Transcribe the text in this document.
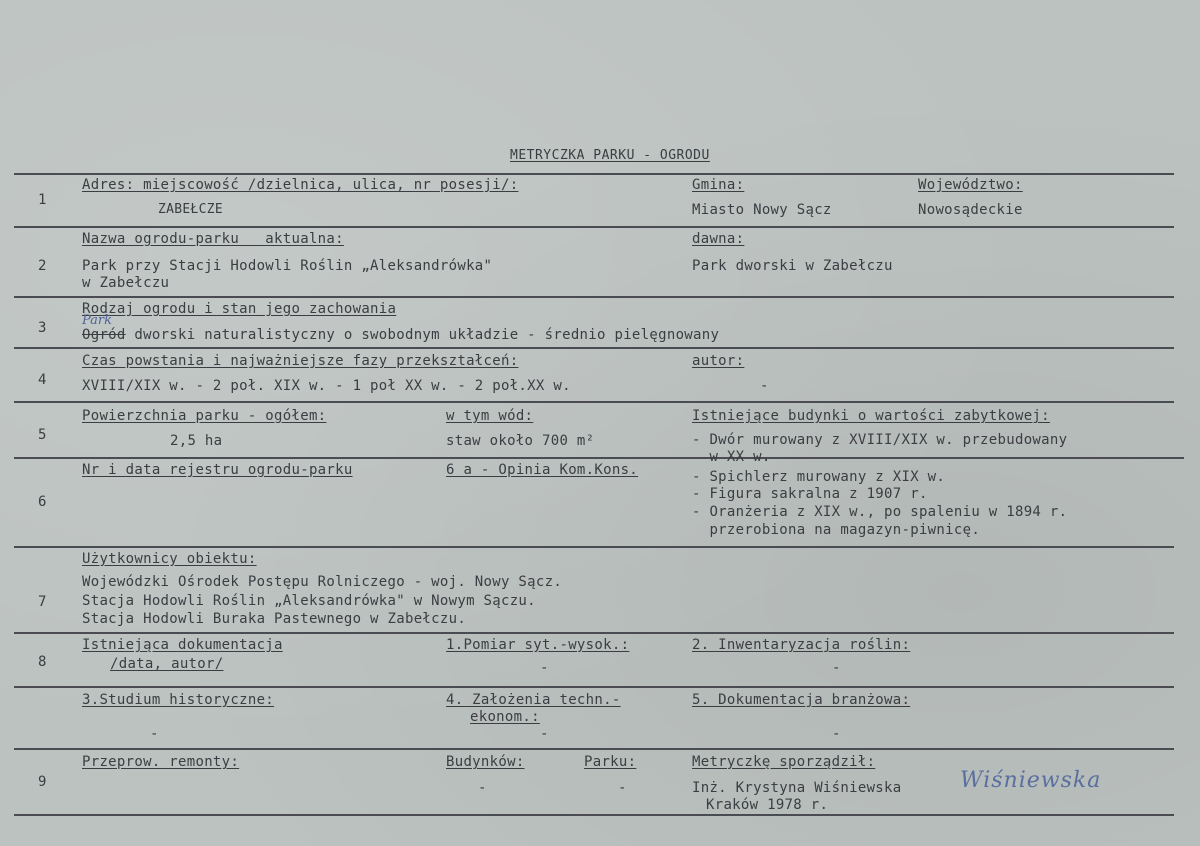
METRYCZKA PARKU - OGRODU
1
Adres: miejscowość /dzielnica, ulica, nr posesji/:
ZABEŁCZE
Gmina:
Miasto Nowy Sącz
Województwo:
Nowosądeckie
2
Nazwa ogrodu-parku   aktualna:
Park przy Stacji Hodowli Roślin „Aleksandrówka"
w Zabełczu
dawna:
Park dworski w Zabełczu
3
Rodzaj ogrodu i stan jego zachowania
Park
Ogród dworski naturalistyczny o swobodnym układzie - średnio pielęgnowany
4
Czas powstania i najważniejsze fazy przekształceń:
XVIII/XIX w. - 2 poł. XIX w. - 1 poł XX w. - 2 poł.XX w.
autor:
-
5
Powierzchnia parku - ogółem:
2,5 ha
w tym wód:
staw około 700 m²
Istniejące budynki o wartości zabytkowej:
- Dwór murowany z XVIII/XIX w. przebudowany
w XX w.
- Spichlerz murowany z XIX w.
- Figura sakralna z 1907 r.
- Oranżeria z XIX w., po spaleniu w 1894 r.
przerobiona na magazyn-piwnicę.
6
Nr i data rejestru ogrodu-parku	6 a - Opinia Kom.Kons.
7
Użytkownicy obiektu:
Wojewódzki Ośrodek Postępu Rolniczego - woj. Nowy Sącz.
Stacja Hodowli Roślin „Aleksandrówka" w Nowym Sączu.
Stacja Hodowli Buraka Pastewnego w Zabełczu.
8
Istniejąca dokumentacja
/data, autor/
1.Pomiar syt.-wysok.:
-
2. Inwentaryzacja roślin:
-
3.Studium historyczne:
-
4. Założenia techn.-
ekonom.:
-
5. Dokumentacja branżowa:
-
9
Przeprow. remonty:	Budynków:
-
Parku:
-
Metryczkę sporządził:
Inż. Krystyna Wiśniewska
Kraków 1978 r.
Wiśniewska
